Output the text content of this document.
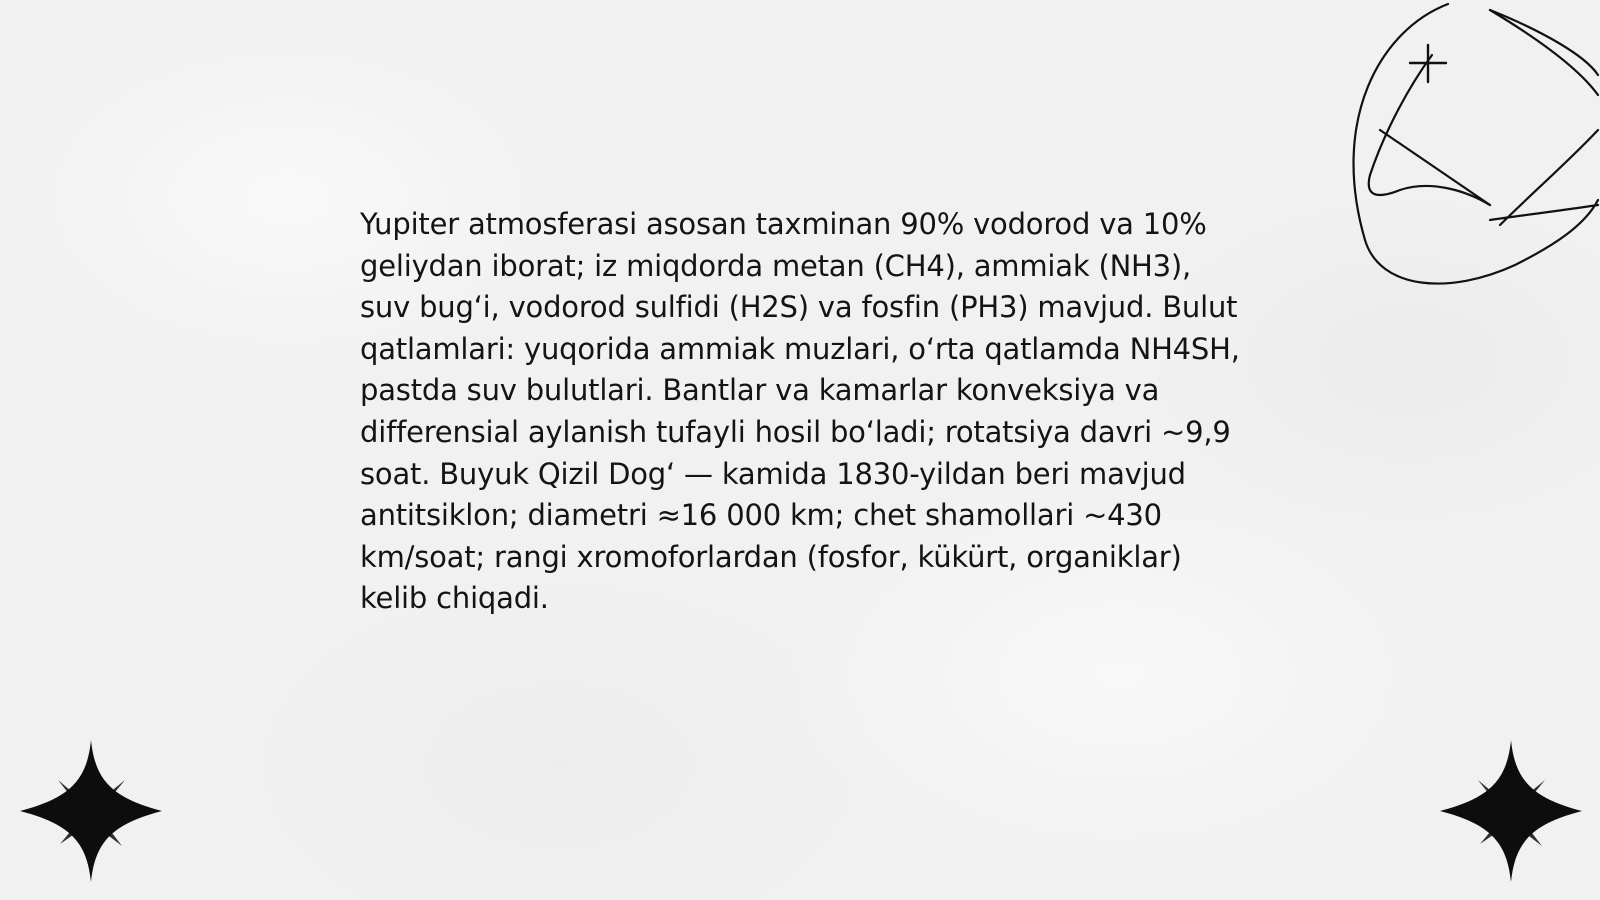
Yupiter atmosferasi asosan taxminan 90% vodorod va 10% geliydan iborat; iz miqdorda metan (CH4), ammiak (NH3), suv bug‘i, vodorod sulfidi (H2S) va fosfin (PH3) mavjud. Bulut qatlamlari: yuqorida ammiak muzlari, o‘rta qatlamda NH4SH, pastda suv bulutlari. Bantlar va kamarlar konveksiya va differensial aylanish tufayli hosil bo‘ladi; rotatsiya davri ~9,9 soat. Buyuk Qizil Dog‘ — kamida 1830-yildan beri mavjud antitsiklon; diametri ≈16 000 km; chet shamollari ~430 km/soat; rangi xromoforlardan (fosfor, kükürt, organiklar) kelib chiqadi.
